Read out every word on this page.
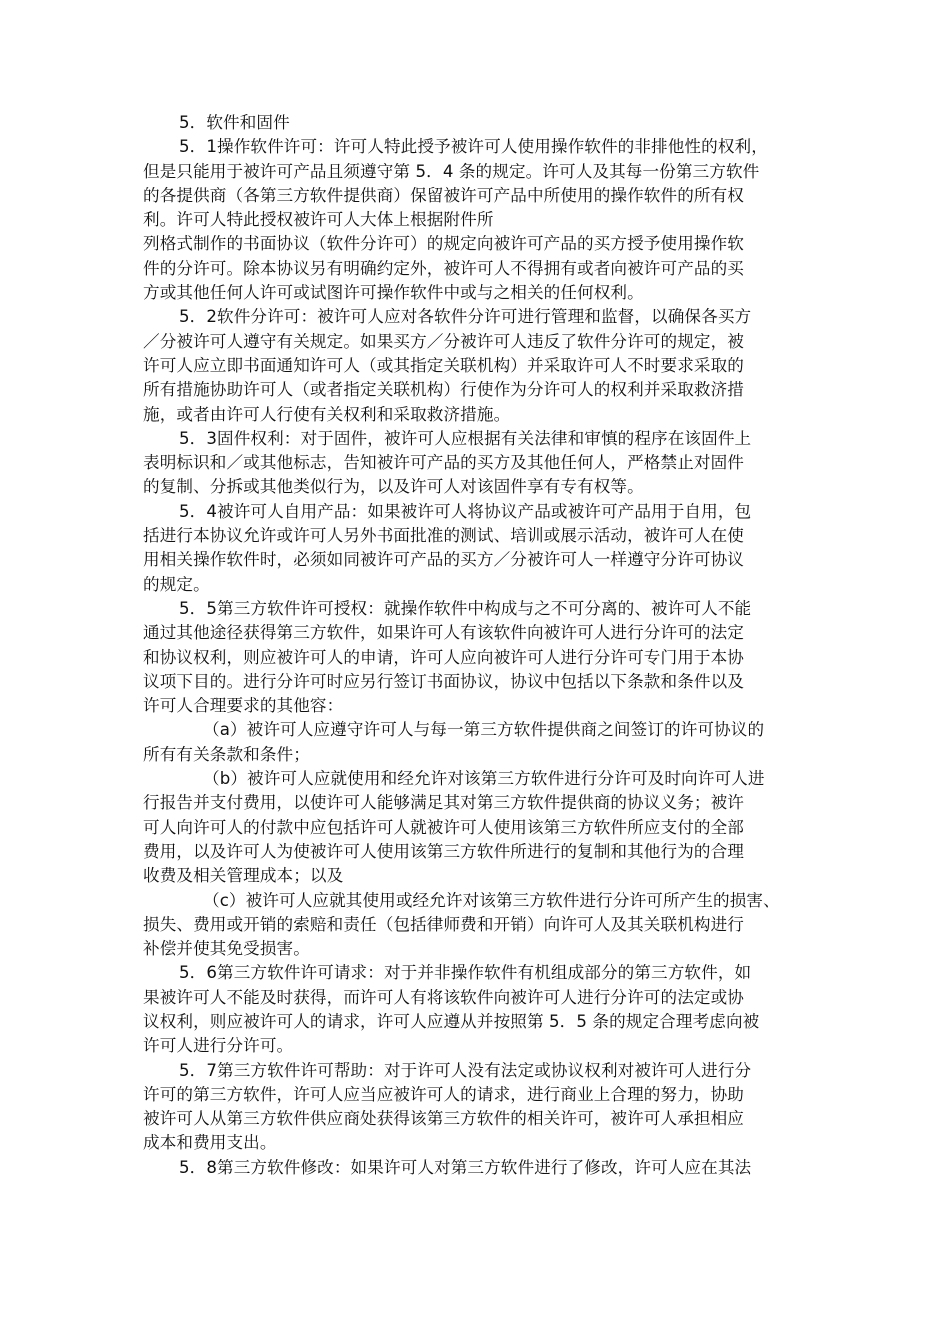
5．软件和固件
5．1操作软件许可：许可人特此授予被许可人使用操作软件的非排他性的权利，
但是只能用于被许可产品且须遵守第 5．4 条的规定。许可人及其每一份第三方软件
的各提供商（各第三方软件提供商）保留被许可产品中所使用的操作软件的所有权
利。许可人特此授权被许可人大体上根据附件所
列格式制作的书面协议（软件分许可）的规定向被许可产品的买方授予使用操作软
件的分许可。除本协议另有明确约定外，被许可人不得拥有或者向被许可产品的买
方或其他任何人许可或试图许可操作软件中或与之相关的任何权利。
5．2软件分许可：被许可人应对各软件分许可进行管理和监督，以确保各买方
／分被许可人遵守有关规定。如果买方／分被许可人违反了软件分许可的规定，被
许可人应立即书面通知许可人（或其指定关联机构）并采取许可人不时要求采取的
所有措施协助许可人（或者指定关联机构）行使作为分许可人的权利并采取救济措
施，或者由许可人行使有关权利和采取救济措施。
5．3固件权利：对于固件，被许可人应根据有关法律和审慎的程序在该固件上
表明标识和／或其他标志，告知被许可产品的买方及其他任何人，严格禁止对固件
的复制、分拆或其他类似行为，以及许可人对该固件享有专有权等。
5．4被许可人自用产品：如果被许可人将协议产品或被许可产品用于自用，包
括进行本协议允许或许可人另外书面批准的测试、培训或展示活动，被许可人在使
用相关操作软件时，必须如同被许可产品的买方／分被许可人一样遵守分许可协议
的规定。
5．5第三方软件许可授权：就操作软件中构成与之不可分离的、被许可人不能
通过其他途径获得第三方软件，如果许可人有该软件向被许可人进行分许可的法定
和协议权利，则应被许可人的申请，许可人应向被许可人进行分许可专门用于本协
议项下目的。进行分许可时应另行签订书面协议，协议中包括以下条款和条件以及
许可人合理要求的其他容：
（a）被许可人应遵守许可人与每一第三方软件提供商之间签订的许可协议的
所有有关条款和条件；
（b）被许可人应就使用和经允许对该第三方软件进行分许可及时向许可人进
行报告并支付费用，以使许可人能够满足其对第三方软件提供商的协议义务；被许
可人向许可人的付款中应包括许可人就被许可人使用该第三方软件所应支付的全部
费用，以及许可人为使被许可人使用该第三方软件所进行的复制和其他行为的合理
收费及相关管理成本；以及
（c）被许可人应就其使用或经允许对该第三方软件进行分许可所产生的损害、
损失、费用或开销的索赔和责任（包括律师费和开销）向许可人及其关联机构进行
补偿并使其免受损害。
5．6第三方软件许可请求：对于并非操作软件有机组成部分的第三方软件，如
果被许可人不能及时获得，而许可人有将该软件向被许可人进行分许可的法定或协
议权利，则应被许可人的请求，许可人应遵从并按照第 5．5 条的规定合理考虑向被
许可人进行分许可。
5．7第三方软件许可帮助：对于许可人没有法定或协议权利对被许可人进行分
许可的第三方软件，许可人应当应被许可人的请求，进行商业上合理的努力，协助
被许可人从第三方软件供应商处获得该第三方软件的相关许可，被许可人承担相应
成本和费用支出。
5．8第三方软件修改：如果许可人对第三方软件进行了修改，许可人应在其法
